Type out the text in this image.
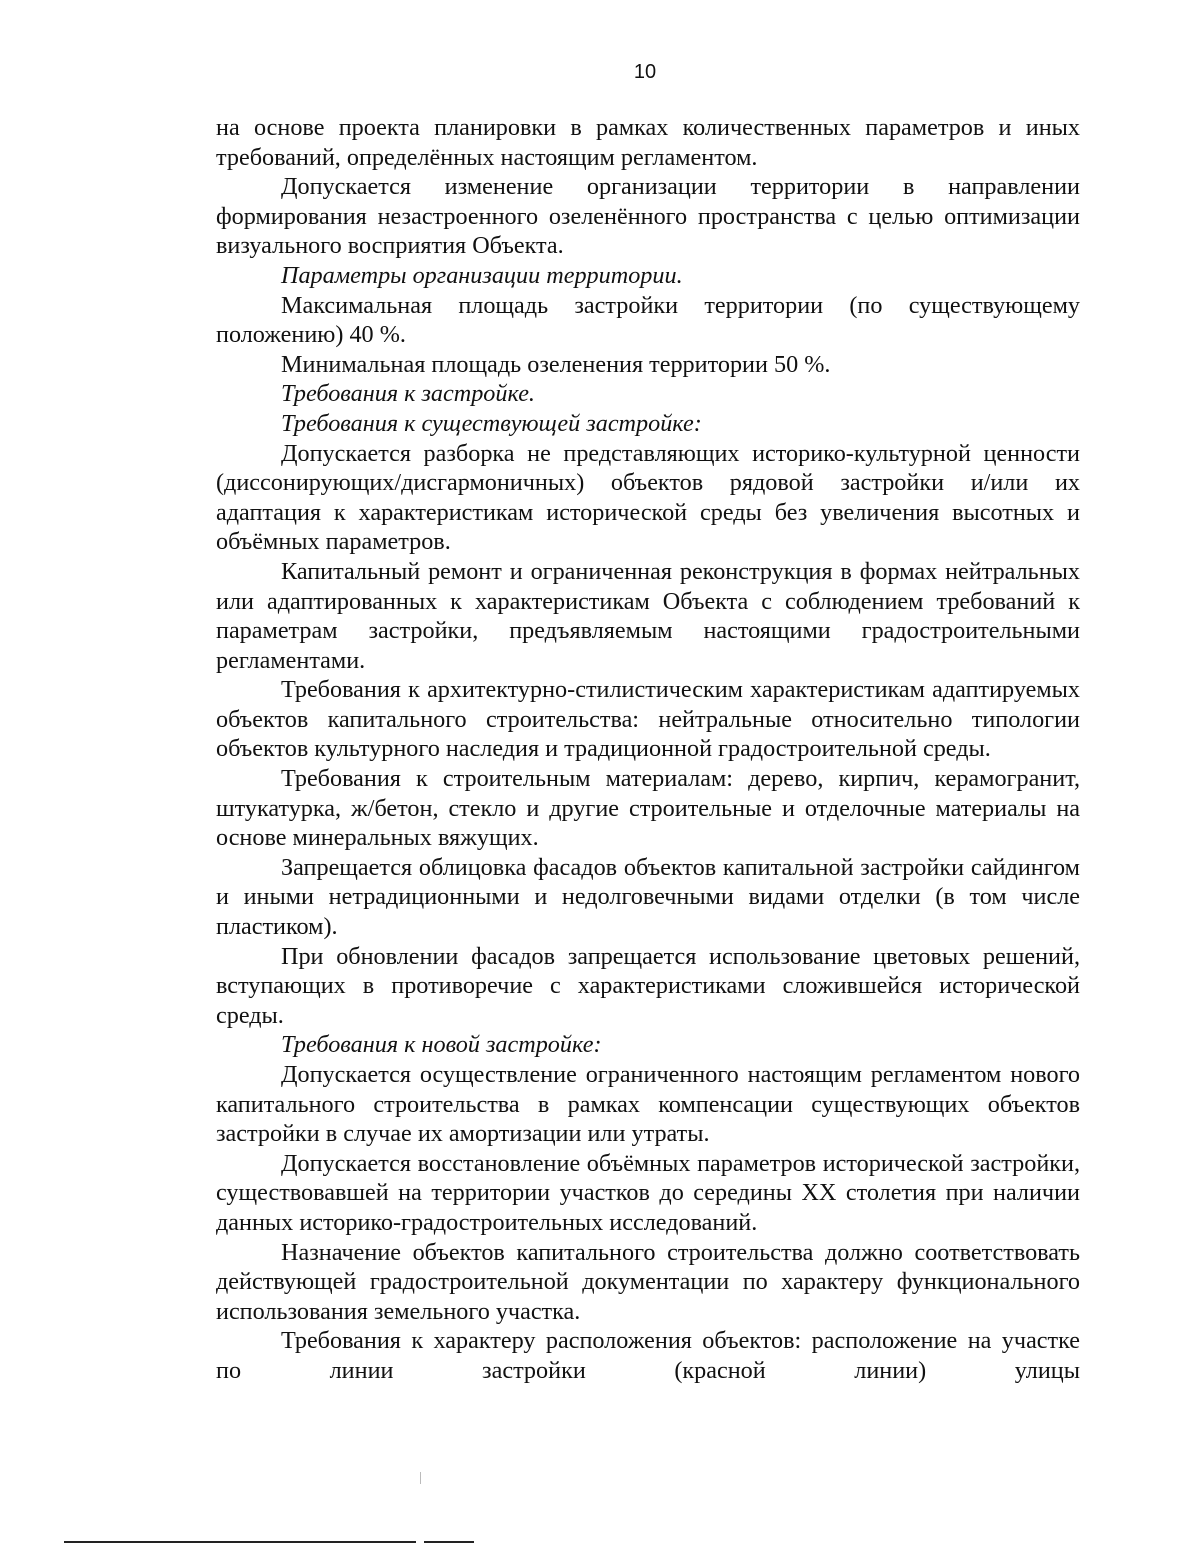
10

на основе проекта планировки в рамках количественных параметров и иных требований, определённых настоящим регламентом.

Допускается изменение организации территории в направлении формирования незастроенного озеленённого пространства с целью оптимизации визуального восприятия Объекта.

Параметры организации территории.

Максимальная площадь застройки территории (по существующему положению) 40 %.

Минимальная площадь озеленения территории 50 %.

Требования к застройке.

Требования к существующей застройке:

Допускается разборка не представляющих историко-культурной ценности (диссонирующих/дисгармоничных) объектов рядовой застройки и/или их адаптация к характеристикам исторической среды без увеличения высотных и объёмных параметров.

Капитальный ремонт и ограниченная реконструкция в формах нейтральных или адаптированных к характеристикам Объекта с соблюдением требований к параметрам застройки, предъявляемым настоящими градостроительными регламентами.

Требования к архитектурно-стилистическим характеристикам адаптируемых объектов капитального строительства: нейтральные относительно типологии объектов культурного наследия и традиционной градостроительной среды.

Требования к строительным материалам: дерево, кирпич, керамогранит, штукатурка, ж/бетон, стекло и другие строительные и отделочные материалы на основе минеральных вяжущих.

Запрещается облицовка фасадов объектов капитальной застройки сайдингом и иными нетрадиционными и недолговечными видами отделки (в том числе пластиком).

При обновлении фасадов запрещается использование цветовых решений, вступающих в противоречие с характеристиками сложившейся исторической среды.

Требования к новой застройке:

Допускается осуществление ограниченного настоящим регламентом нового капитального строительства в рамках компенсации существующих объектов застройки в случае их амортизации или утраты.

Допускается восстановление объёмных параметров исторической застройки, существовавшей на территории участков до середины XX столетия при наличии данных историко-градостроительных исследований.

Назначение объектов капитального строительства должно соответствовать действующей градостроительной документации по характеру функционального использования земельного участка.

Требования к характеру расположения объектов: расположение на участке по линии застройки (красной линии) улицы
